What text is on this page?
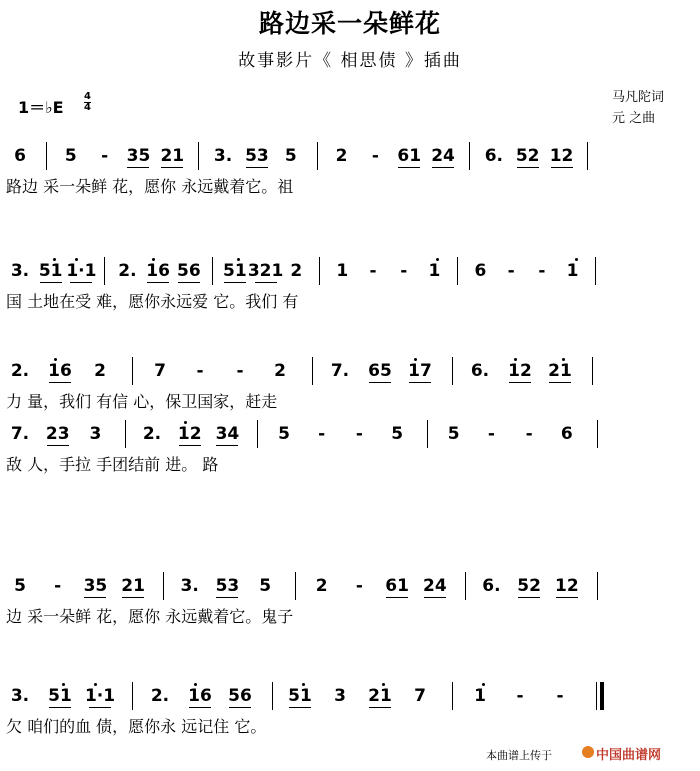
路边采一朵鲜花
故事影片《 相思债 》插曲
1＝♭E
4
4
马凡陀词
元 之曲
6 5 - 35 21 3. 53 5 2 - 61 24 6. 52 12
路边 采一朵鲜 花，愿你 永远戴着它。祖
3. 51 1·1 2. 16 56 51 321 2 1 - - 1 6 - - 1
国 土地在受 难，愿你永远爱 它。我们 有
2. 16 2	7 - - 2	7. 65 17 6. 12 21
力 量，我们 有信 心，保卫国家，赶走
7. 23 3 2. 12 34 5 - - 5	5 - - 6
敌 人，手拉 手团结前 进。 路
5 - 35 21 3. 53 5	2 - 61 24 6. 52 12
边 采一朵鲜 花，愿你 永远戴着它。鬼子
3. 51 1·1 2. 16 56 51 3 21 7	1 - -
欠 咱们的血 债，愿你永 远记住 它。
本曲谱上传于	中国曲谱网
